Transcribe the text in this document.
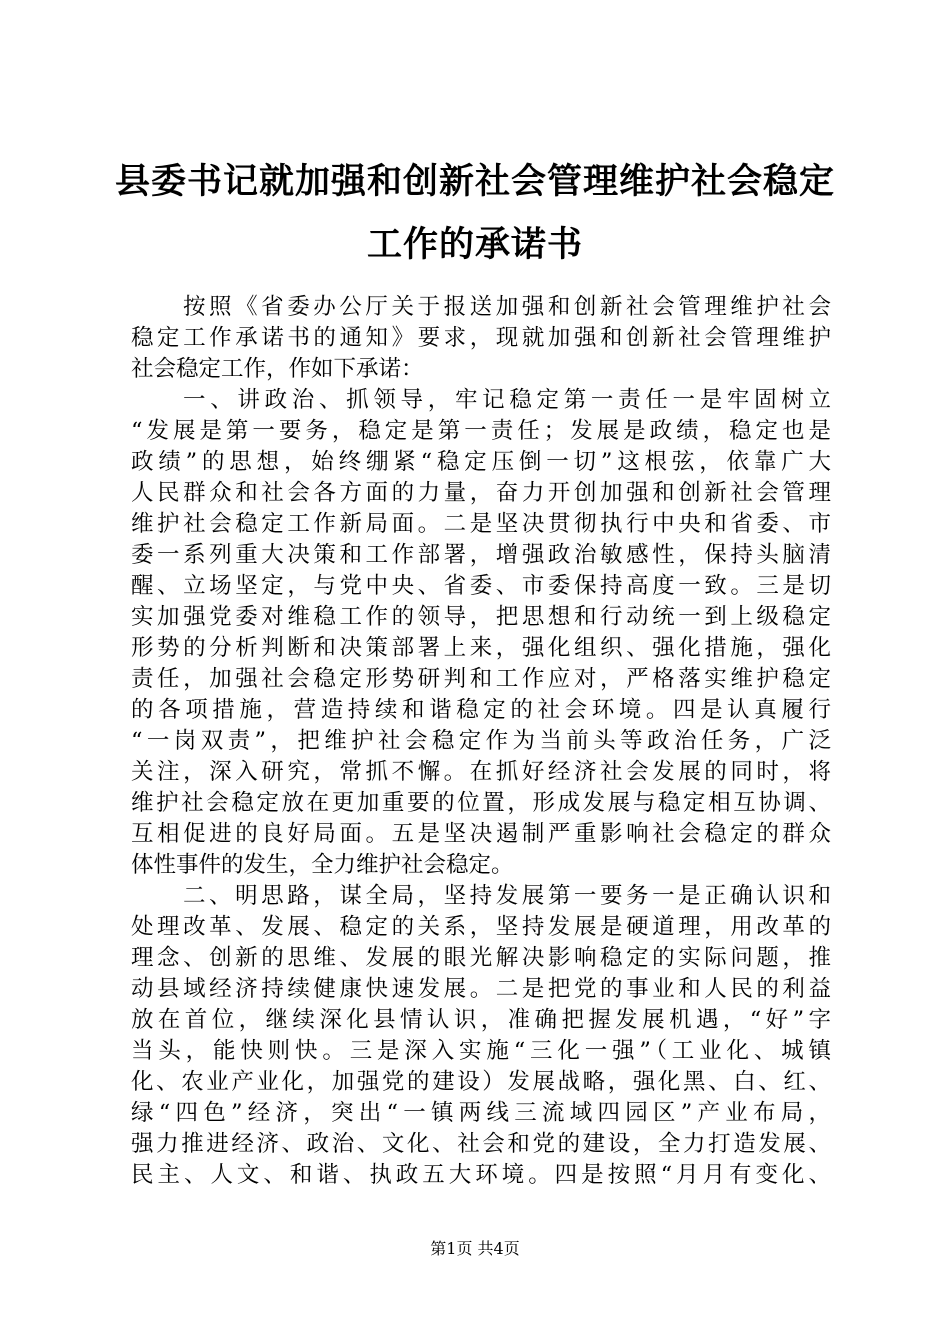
县委书记就加强和创新社会管理维护社会稳定
工作的承诺书
按照《省委办公厅关于报送加强和创新社会管理维护社会
稳定工作承诺书的通知》要求，现就加强和创新社会管理维护
社会稳定工作，作如下承诺：
一、讲政治、抓领导，牢记稳定第一责任一是牢固树立
“发展是第一要务，稳定是第一责任；发展是政绩，稳定也是
政绩”的思想，始终绷紧“稳定压倒一切”这根弦，依靠广大
人民群众和社会各方面的力量，奋力开创加强和创新社会管理
维护社会稳定工作新局面。二是坚决贯彻执行中央和省委、市
委一系列重大决策和工作部署，增强政治敏感性，保持头脑清
醒、立场坚定，与党中央、省委、市委保持高度一致。三是切
实加强党委对维稳工作的领导，把思想和行动统一到上级稳定
形势的分析判断和决策部署上来，强化组织、强化措施，强化
责任，加强社会稳定形势研判和工作应对，严格落实维护稳定
的各项措施，营造持续和谐稳定的社会环境。四是认真履行
“一岗双责”，把维护社会稳定作为当前头等政治任务，广泛
关注，深入研究，常抓不懈。在抓好经济社会发展的同时，将
维护社会稳定放在更加重要的位置，形成发展与稳定相互协调、
互相促进的良好局面。五是坚决遏制严重影响社会稳定的群众
体性事件的发生，全力维护社会稳定。
二、明思路，谋全局，坚持发展第一要务一是正确认识和
处理改革、发展、稳定的关系，坚持发展是硬道理，用改革的
理念、创新的思维、发展的眼光解决影响稳定的实际问题，推
动县域经济持续健康快速发展。二是把党的事业和人民的利益
放在首位，继续深化县情认识，准确把握发展机遇，“好”字
当头，能快则快。三是深入实施“三化一强”（工业化、城镇
化、农业产业化，加强党的建设）发展战略，强化黑、白、红、
绿“四色”经济，突出“一镇两线三流域四园区”产业布局，
强力推进经济、政治、文化、社会和党的建设，全力打造发展、
民主、人文、和谐、执政五大环境。四是按照“月月有变化、
第1页 共4页
